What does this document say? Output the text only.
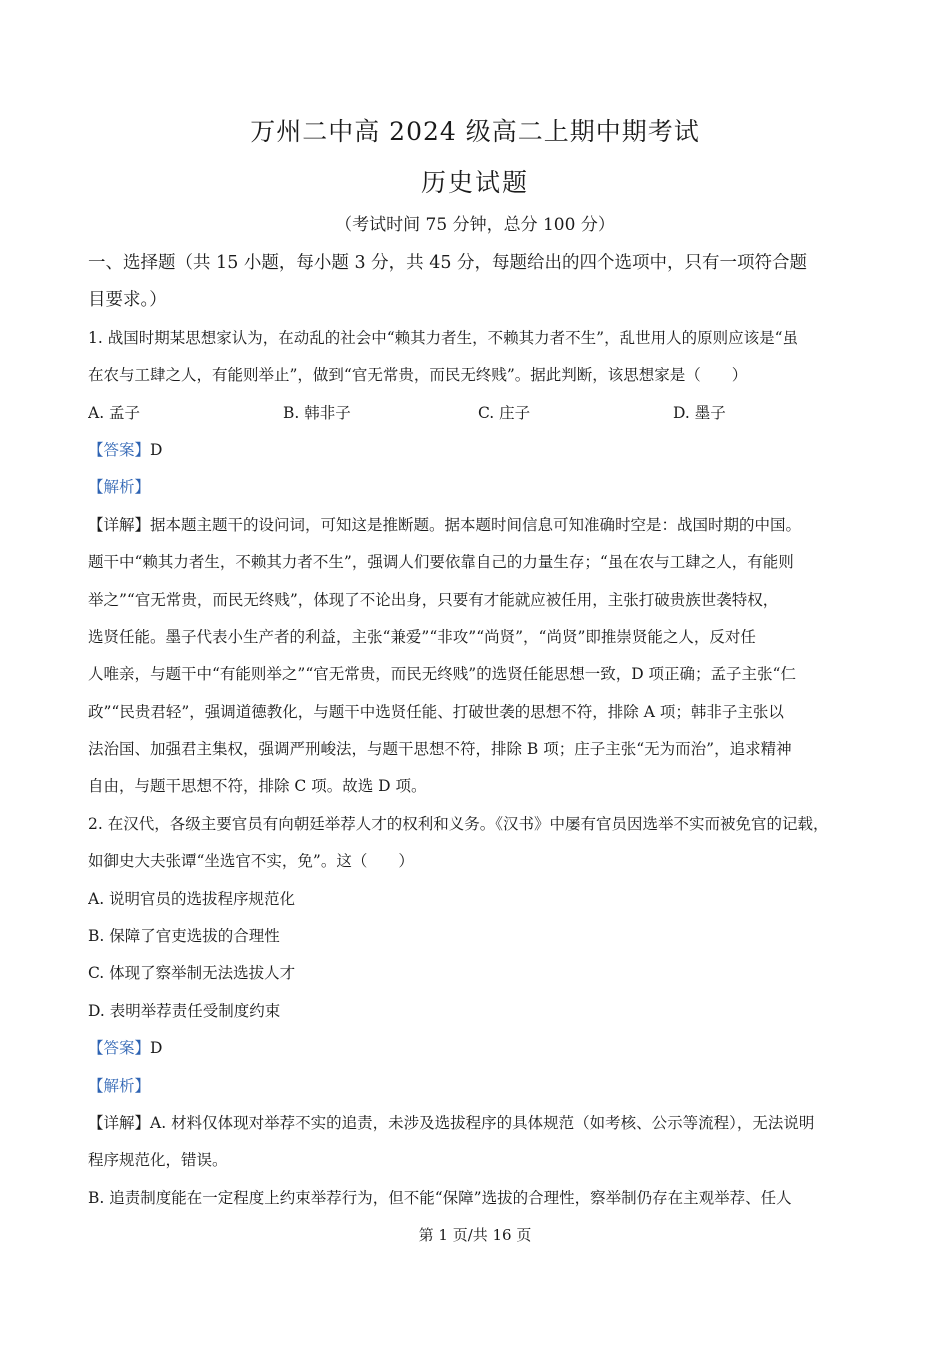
万州二中高 2024 级高二上期中期考试
历史试题
（考试时间 75 分钟，总分 100 分）
一、选择题（共 15 小题，每小题 3 分，共 45 分，每题给出的四个选项中，只有一项符合题
目要求。）
1. 战国时期某思想家认为，在动乱的社会中“赖其力者生，不赖其力者不生”，乱世用人的原则应该是“虽
在农与工肆之人，有能则举止”，做到“官无常贵，而民无终贱”。据此判断，该思想家是（　　）
A. 孟子	B. 韩非子	C. 庄子	D. 墨子
【答案】D
【解析】
【详解】据本题主题干的设问词，可知这是推断题。据本题时间信息可知准确时空是：战国时期的中国。
题干中“赖其力者生，不赖其力者不生”，强调人们要依靠自己的力量生存；“虽在农与工肆之人，有能则
举之”“官无常贵，而民无终贱”，体现了不论出身，只要有才能就应被任用，主张打破贵族世袭特权，
选贤任能。墨子代表小生产者的利益，主张“兼爱”“非攻”“尚贤”，“尚贤”即推崇贤能之人，反对任
人唯亲，与题干中“有能则举之”“官无常贵，而民无终贱”的选贤任能思想一致，D 项正确；孟子主张“仁
政”“民贵君轻”，强调道德教化，与题干中选贤任能、打破世袭的思想不符，排除 A 项；韩非子主张以
法治国、加强君主集权，强调严刑峻法，与题干思想不符，排除 B 项；庄子主张“无为而治”，追求精神
自由，与题干思想不符，排除 C 项。故选 D 项。
2. 在汉代，各级主要官员有向朝廷举荐人才的权利和义务。《汉书》中屡有官员因选举不实而被免官的记载，
如御史大夫张谭“坐选官不实，免”。这（　　）
A. 说明官员的选拔程序规范化
B. 保障了官吏选拔的合理性
C. 体现了察举制无法选拔人才
D. 表明举荐责任受制度约束
【答案】D
【解析】
【详解】A. 材料仅体现对举荐不实的追责，未涉及选拔程序的具体规范（如考核、公示等流程），无法说明
程序规范化，错误。
B. 追责制度能在一定程度上约束举荐行为，但不能“保障”选拔的合理性，察举制仍存在主观举荐、任人
第 1 页/共 16 页
